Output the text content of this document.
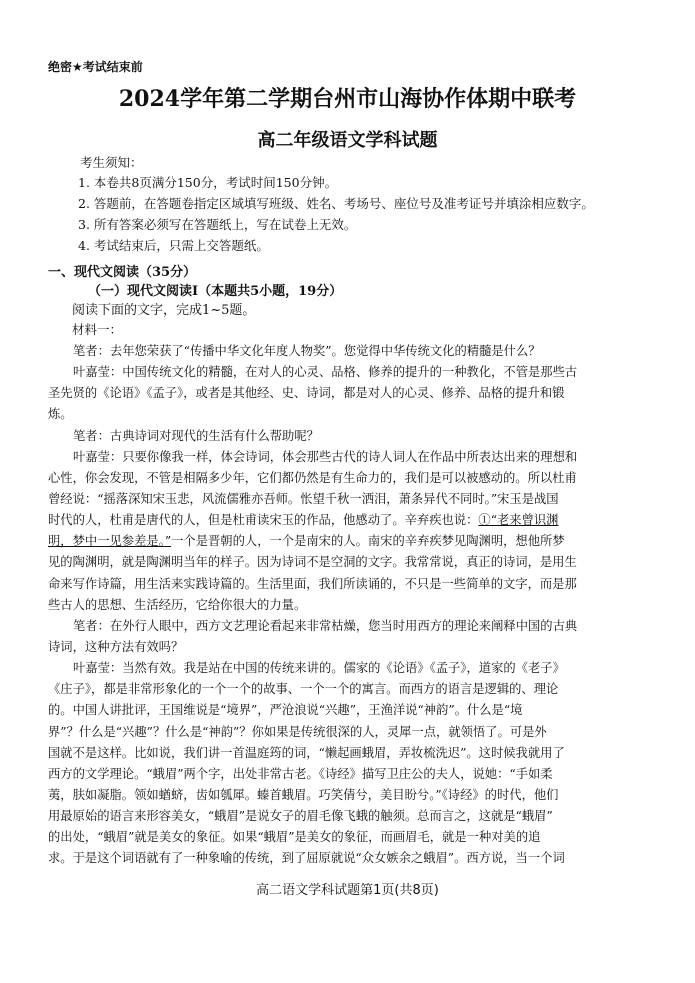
绝密★考试结束前
2024学年第二学期台州市山海协作体期中联考
高二年级语文学科试题
考生须知：
1. 本卷共8页满分150分，考试时间150分钟。
2. 答题前，在答题卷指定区域填写班级、姓名、考场号、座位号及准考证号并填涂相应数字。
3. 所有答案必须写在答题纸上，写在试卷上无效。
4. 考试结束后，只需上交答题纸。
一、现代文阅读（35分）
（一）现代文阅读Ⅰ（本题共5小题，19分）
阅读下面的文字，完成1~5题。
材料一：
笔者：去年您荣获了“传播中华文化年度人物奖”。您觉得中华传统文化的精髓是什么？
叶嘉莹：中国传统文化的精髓，在对人的心灵、品格、修养的提升的一种教化，不管是那些古
圣先贤的《论语》《孟子》，或者是其他经、史、诗词，都是对人的心灵、修养、品格的提升和锻
炼。
笔者：古典诗词对现代的生活有什么帮助呢？
叶嘉莹：只要你像我一样，体会诗词，体会那些古代的诗人词人在作品中所表达出来的理想和
心性，你会发现，不管是相隔多少年，它们都仍然是有生命力的，我们是可以被感动的。所以杜甫
曾经说：“摇落深知宋玉悲，风流儒雅亦吾师。怅望千秋一洒泪，萧条异代不同时。”宋玉是战国
时代的人，杜甫是唐代的人，但是杜甫读宋玉的作品，他感动了。辛弃疾也说：①“老来曾识渊
明，梦中一见参差是。”一个是晋朝的人，一个是南宋的人。南宋的辛弃疾梦见陶渊明，想他所梦
见的陶渊明，就是陶渊明当年的样子。因为诗词不是空洞的文字。我常常说，真正的诗词，是用生
命来写作诗篇，用生活来实践诗篇的。生活里面，我们所读诵的，不只是一些简单的文字，而是那
些古人的思想、生活经历，它给你很大的力量。
笔者：在外行人眼中，西方文艺理论看起来非常枯燥，您当时用西方的理论来阐释中国的古典
诗词，这种方法有效吗？
叶嘉莹：当然有效。我是站在中国的传统来讲的。儒家的《论语》《孟子》，道家的《老子》
《庄子》，都是非常形象化的一个一个的故事、一个一个的寓言。而西方的语言是逻辑的、理论
的。中国人讲批评，王国维说是“境界”，严沧浪说“兴趣”，王渔洋说“神韵”。什么是“境
界”？什么是“兴趣”？什么是“神韵”？你如果是传统很深的人，灵犀一点，就领悟了。可是外
国就不是这样。比如说，我们讲一首温庭筠的词，“懒起画蛾眉，弄妆梳洗迟”。这时候我就用了
西方的文学理论。“蛾眉”两个字，出处非常古老。《诗经》描写卫庄公的夫人，说她：“手如柔
荑，肤如凝脂。领如蝤蛴，齿如瓠犀。螓首蛾眉。巧笑倩兮，美目盼兮。”《诗经》的时代，他们
用最原始的语言来形容美女，“蛾眉”是说女子的眉毛像飞蛾的触须。总而言之，这就是“蛾眉”
的出处，“蛾眉”就是美女的象征。如果“蛾眉”是美女的象征，而画眉毛，就是一种对美的追
求。于是这个词语就有了一种象喻的传统，到了屈原就说“众女嫉余之蛾眉”。西方说，当一个词
高二语文学科试题第1页(共8页)
